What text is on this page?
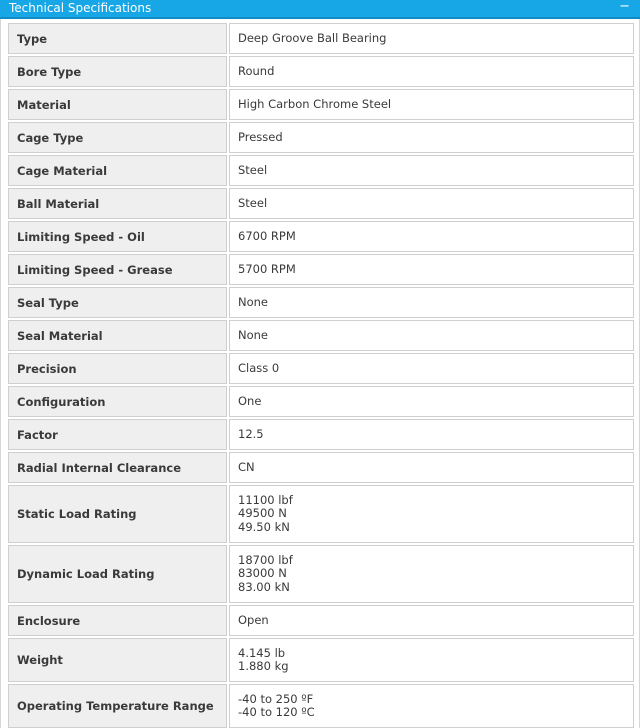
Technical Specifications	−
Type	Deep Groove Ball Bearing

Bore Type	Round

Material	High Carbon Chrome Steel

Cage Type	Pressed

Cage Material	Steel

Ball Material	Steel

Limiting Speed - Oil	6700 RPM

Limiting Speed - Grease	5700 RPM

Seal Type	None

Seal Material	None

Precision	Class 0

Configuration	One

Factor	12.5

Radial Internal Clearance	CN

Static Load Rating	11100 lbf
49500 N
49.50 kN

Dynamic Load Rating	18700 lbf
83000 N
83.00 kN

Enclosure	Open

Weight	4.145 lb
1.880 kg

Operating Temperature Range	-40 to 250 ºF
-40 to 120 ºC
